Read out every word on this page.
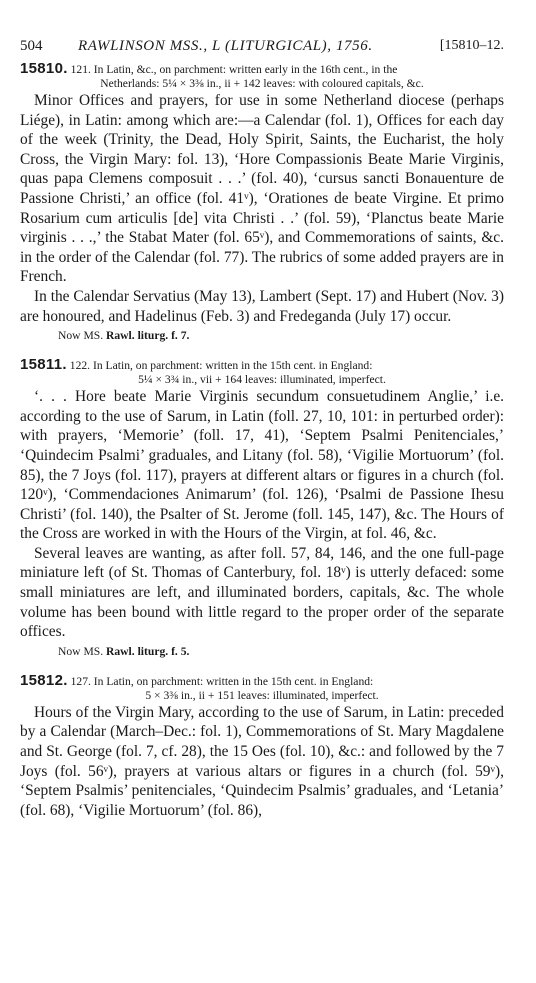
504 RAWLINSON MSS., L (LITURGICAL), 1756.	[15810–12.

15810. 121. In Latin, &c., on parchment: written early in the 16th cent., in the
Netherlands: 5¼ × 3⅜ in., ii + 142 leaves: with coloured capitals, &c.

Minor Offices and prayers, for use in some Netherland diocese (perhaps Liége), in Latin: among which are:—a Calendar (fol. 1), Offices for each day of the week (Trinity, the Dead, Holy Spirit, Saints, the Eucharist, the holy Cross, the Virgin Mary: fol. 13), ‘Hore Compassionis Beate Marie Virginis, quas papa Clemens composuit . . .’ (fol. 40), ‘cursus sancti Bonauenture de Passione Christi,’ an office (fol. 41ᵛ), ‘Orationes de beate Virgine. Et primo Rosarium cum articulis [de] vita Christi . .’ (fol. 59), ‘Planctus beate Marie virginis . . .,’ the Stabat Mater (fol. 65ᵛ), and Commemorations of saints, &c. in the order of the Calendar (fol. 77). The rubrics of some added prayers are in French.

In the Calendar Servatius (May 13), Lambert (Sept. 17) and Hubert (Nov. 3) are honoured, and Hadelinus (Feb. 3) and Fredeganda (July 17) occur.

Now MS. Rawl. liturg. f. 7.

15811. 122. In Latin, on parchment: written in the 15th cent. in England:
5¼ × 3¾ in., vii + 164 leaves: illuminated, imperfect.

‘. . . Hore beate Marie Virginis secundum consuetudinem Anglie,’ i.e. according to the use of Sarum, in Latin (foll. 27, 10, 101: in perturbed order): with prayers, ‘Memorie’ (foll. 17, 41), ‘Septem Psalmi Penitenciales,’ ‘Quindecim Psalmi’ graduales, and Litany (fol. 58), ‘Vigilie Mortuorum’ (fol. 85), the 7 Joys (fol. 117), prayers at different altars or figures in a church (fol. 120ᵛ), ‘Commendaciones Animarum’ (fol. 126), ‘Psalmi de Passione Ihesu Christi’ (fol. 140), the Psalter of St. Jerome (foll. 145, 147), &c. The Hours of the Cross are worked in with the Hours of the Virgin, at fol. 46, &c.

Several leaves are wanting, as after foll. 57, 84, 146, and the one full-page miniature left (of St. Thomas of Canterbury, fol. 18ᵛ) is utterly defaced: some small miniatures are left, and illuminated borders, capitals, &c. The whole volume has been bound with little regard to the proper order of the separate offices.

Now MS. Rawl. liturg. f. 5.

15812. 127. In Latin, on parchment: written in the 15th cent. in England:
5 × 3⅜ in., ii + 151 leaves: illuminated, imperfect.

Hours of the Virgin Mary, according to the use of Sarum, in Latin: preceded by a Calendar (March–Dec.: fol. 1), Commemorations of St. Mary Magdalene and St. George (fol. 7, cf. 28), the 15 Oes (fol. 10), &c.: and followed by the 7 Joys (fol. 56ᵛ), prayers at various altars or figures in a church (fol. 59ᵛ), ‘Septem Psalmis’ penitenciales, ‘Quindecim Psalmis’ graduales, and ‘Letania’ (fol. 68), ‘Vigilie Mortuorum’ (fol. 86),
